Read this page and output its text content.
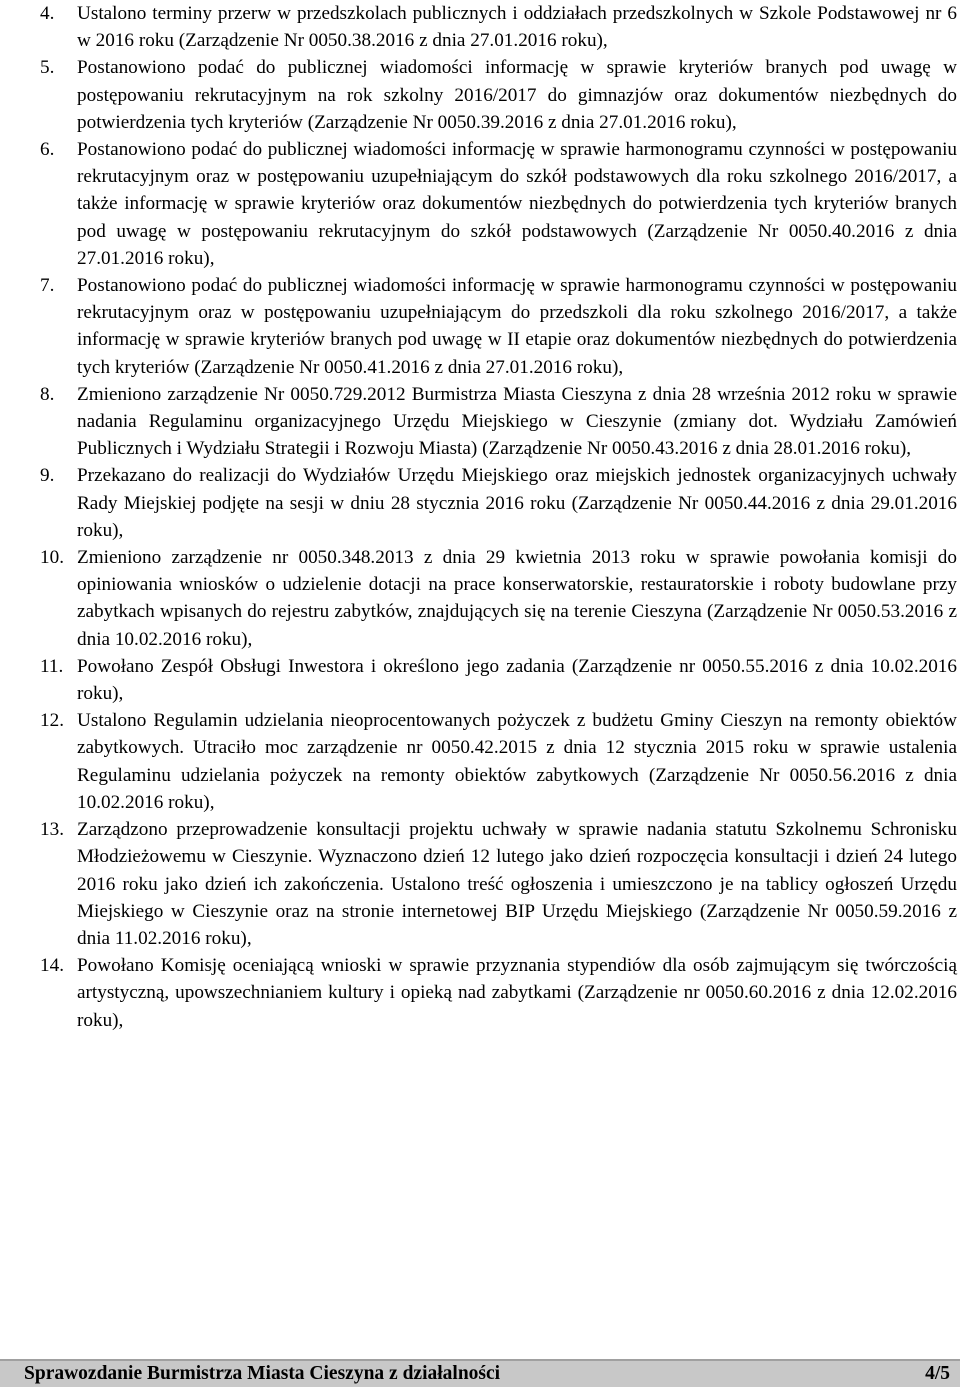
4. Ustalono terminy przerw w przedszkolach publicznych i oddziałach przedszkolnych w Szkole Podstawowej nr 6 w 2016 roku (Zarządzenie Nr 0050.38.2016 z dnia 27.01.2016 roku),
5. Postanowiono podać do publicznej wiadomości informację w sprawie kryteriów branych pod uwagę w postępowaniu rekrutacyjnym na rok szkolny 2016/2017 do gimnazjów oraz dokumentów niezbędnych do potwierdzenia tych kryteriów (Zarządzenie Nr 0050.39.2016 z dnia 27.01.2016 roku),
6. Postanowiono podać do publicznej wiadomości informację w sprawie harmonogramu czynności w postępowaniu rekrutacyjnym oraz w postępowaniu uzupełniającym do szkół podstawowych dla roku szkolnego 2016/2017, a także informację w sprawie kryteriów oraz dokumentów niezbędnych do potwierdzenia tych kryteriów branych pod uwagę w postępowaniu rekrutacyjnym do szkół podstawowych (Zarządzenie Nr 0050.40.2016 z dnia 27.01.2016 roku),
7. Postanowiono podać do publicznej wiadomości informację w sprawie harmonogramu czynności w postępowaniu rekrutacyjnym oraz w postępowaniu uzupełniającym do przedszkoli dla roku szkolnego 2016/2017, a także informację w sprawie kryteriów branych pod uwagę w II etapie oraz dokumentów niezbędnych do potwierdzenia tych kryteriów (Zarządzenie Nr 0050.41.2016 z dnia 27.01.2016 roku),
8. Zmieniono zarządzenie Nr 0050.729.2012 Burmistrza Miasta Cieszyna z dnia 28 września 2012 roku w sprawie nadania Regulaminu organizacyjnego Urzędu Miejskiego w Cieszynie (zmiany dot. Wydziału Zamówień Publicznych i Wydziału Strategii i Rozwoju Miasta) (Zarządzenie Nr 0050.43.2016 z dnia 28.01.2016 roku),
9. Przekazano do realizacji do Wydziałów Urzędu Miejskiego oraz miejskich jednostek organizacyjnych uchwały Rady Miejskiej podjęte na sesji w dniu 28 stycznia 2016 roku (Zarządzenie Nr 0050.44.2016 z dnia 29.01.2016 roku),
10. Zmieniono zarządzenie nr 0050.348.2013 z dnia 29 kwietnia 2013 roku w sprawie powołania komisji do opiniowania wniosków o udzielenie dotacji na prace konserwatorskie, restauratorskie i roboty budowlane przy zabytkach wpisanych do rejestru zabytków, znajdujących się na terenie Cieszyna (Zarządzenie Nr 0050.53.2016 z dnia 10.02.2016 roku),
11. Powołano Zespół Obsługi Inwestora i określono jego zadania (Zarządzenie nr 0050.55.2016 z dnia 10.02.2016 roku),
12. Ustalono Regulamin udzielania nieoprocentowanych pożyczek z budżetu Gminy Cieszyn na remonty obiektów zabytkowych. Utraciło moc zarządzenie nr 0050.42.2015 z dnia 12 stycznia 2015 roku w sprawie ustalenia Regulaminu udzielania pożyczek na remonty obiektów zabytkowych (Zarządzenie Nr 0050.56.2016 z dnia 10.02.2016 roku),
13. Zarządzono przeprowadzenie konsultacji projektu uchwały w sprawie nadania statutu Szkolnemu Schronisku Młodzieżowemu w Cieszynie. Wyznaczono dzień 12 lutego jako dzień rozpoczęcia konsultacji i dzień 24 lutego 2016 roku jako dzień ich zakończenia. Ustalono treść ogłoszenia i umieszczono je na tablicy ogłoszeń Urzędu Miejskiego w Cieszynie oraz na stronie internetowej BIP Urzędu Miejskiego (Zarządzenie Nr 0050.59.2016 z dnia 11.02.2016 roku),
14. Powołano Komisję oceniającą wnioski w sprawie przyznania stypendiów dla osób zajmującym się twórczością artystyczną, upowszechnianiem kultury i opieką nad zabytkami (Zarządzenie nr 0050.60.2016 z dnia 12.02.2016 roku),
Sprawozdanie Burmistrza Miasta Cieszyna z działalności	4/5
